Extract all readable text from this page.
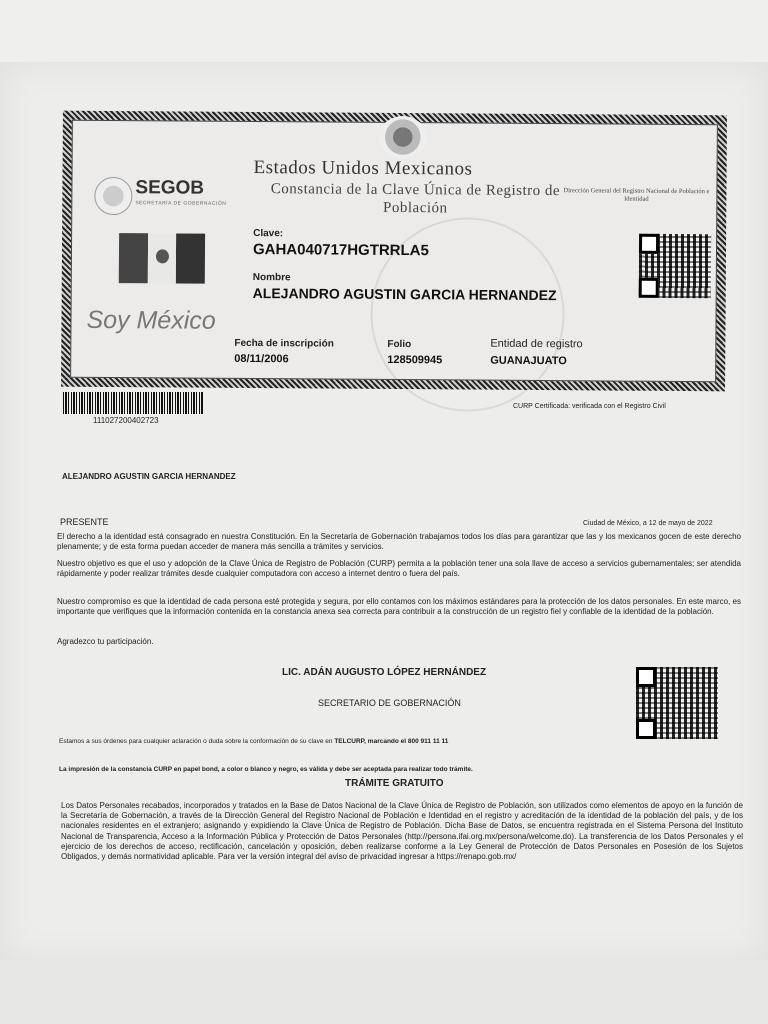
Estados Unidos Mexicanos
Constancia de la Clave Única de Registro de Población
SEGOB
SECRETARÍA DE GOBERNACIÓN
Dirección General del Registro Nacional de Población e Identidad
Clave:
GAHA040717HGTRRLA5
Nombre
ALEJANDRO AGUSTIN GARCIA HERNANDEZ
Soy México
Fecha de inscripción
08/11/2006
Folio
128509945
Entidad de registro
GUANAJUATO
111027200402723
CURP Certificada: verificada con el Registro Civil
ALEJANDRO AGUSTIN GARCIA HERNANDEZ
PRESENTE	Ciudad de México, a 12 de mayo de 2022
El derecho a la identidad está consagrado en nuestra Constitución. En la Secretaría de Gobernación trabajamos todos los días para garantizar que las y los mexicanos gocen de este derecho plenamente; y de esta forma puedan acceder de manera más sencilla a trámites y servicios.
Nuestro objetivo es que el uso y adopción de la Clave Única de Registro de Población (CURP) permita a la población tener una sola llave de acceso a servicios gubernamentales; ser atendida rápidamente y poder realizar trámites desde cualquier computadora con acceso a internet dentro o fuera del país.
Nuestro compromiso es que la identidad de cada persona esté protegida y segura, por ello contamos con los máximos estándares para la protección de los datos personales. En este marco, es importante que verifiques que la información contenida en la constancia anexa sea correcta para contribuir a la construcción de un registro fiel y confiable de la identidad de la población.
Agradezco tu participación.
LIC. ADÁN AUGUSTO LÓPEZ HERNÁNDEZ
SECRETARIO DE GOBERNACIÓN
Estamos a sus órdenes para cualquier aclaración o duda sobre la conformación de su clave en TELCURP, marcando el 800 911 11 11
La impresión de la constancia CURP en papel bond, a color o blanco y negro, es válida y debe ser aceptada para realizar todo trámite.
TRÁMITE GRATUITO
Los Datos Personales recabados, incorporados y tratados en la Base de Datos Nacional de la Clave Única de Registro de Población, son utilizados como elementos de apoyo en la función de la Secretaría de Gobernación, a través de la Dirección General del Registro Nacional de Población e Identidad en el registro y acreditación de la identidad de la población del país, y de los nacionales residentes en el extranjero; asignando y expidiendo la Clave Única de Registro de Población. Dicha Base de Datos, se encuentra registrada en el Sistema Persona del Instituto Nacional de Transparencia, Acceso a la Información Pública y Protección de Datos Personales (http://persona.ifai.org.mx/persona/welcome.do). La transferencia de los Datos Personales y el ejercicio de los derechos de acceso, rectificación, cancelación y oposición, deben realizarse conforme a la Ley General de Protección de Datos Personales en Posesión de los Sujetos Obligados, y demás normatividad aplicable. Para ver la versión integral del aviso de privacidad ingresar a https://renapo.gob.mx/
